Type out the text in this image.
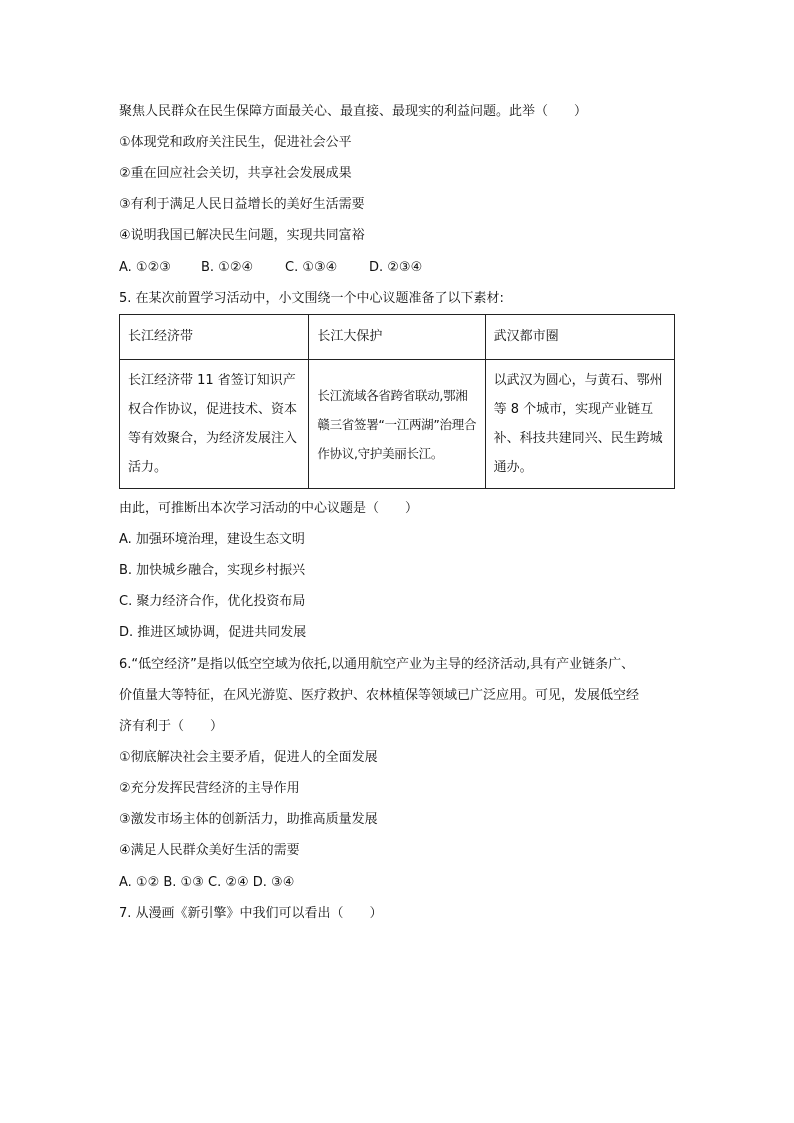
聚焦人民群众在民生保障方面最关心、最直接、最现实的利益问题。此举（　　）
①体现党和政府关注民生，促进社会公平
②重在回应社会关切，共享社会发展成果
③有利于满足人民日益增长的美好生活需要
④说明我国已解决民生问题，实现共同富裕
A. ①②③ B. ①②④ C. ①③④ D. ②③④
5. 在某次前置学习活动中，小文围绕一个中心议题准备了以下素材:
长江经济带	长江大保护	武汉都市圈
长江经济带 11 省签订知识产权合作协议，促进技术、资本等有效聚合，为经济发展注入活力。	长江流域各省跨省联动,鄂湘赣三省签署“一江两湖”治理合作协议,守护美丽长江。	以武汉为圆心，与黄石、鄂州等 8 个城市，实现产业链互补、科技共建同兴、民生跨城通办。
由此，可推断出本次学习活动的中心议题是（　　）
A. 加强环境治理，建设生态文明
B. 加快城乡融合，实现乡村振兴
C. 聚力经济合作，优化投资布局
D. 推进区域协调，促进共同发展
6.“低空经济”是指以低空空域为依托,以通用航空产业为主导的经济活动,具有产业链条广、
价值量大等特征，在风光游览、医疗救护、农林植保等领域已广泛应用。可见，发展低空经
济有利于（　　）
①彻底解决社会主要矛盾，促进人的全面发展
②充分发挥民营经济的主导作用
③激发市场主体的创新活力，助推高质量发展
④满足人民群众美好生活的需要
A. ①② B. ①③ C. ②④ D. ③④
7. 从漫画《新引擎》中我们可以看出（　　）
